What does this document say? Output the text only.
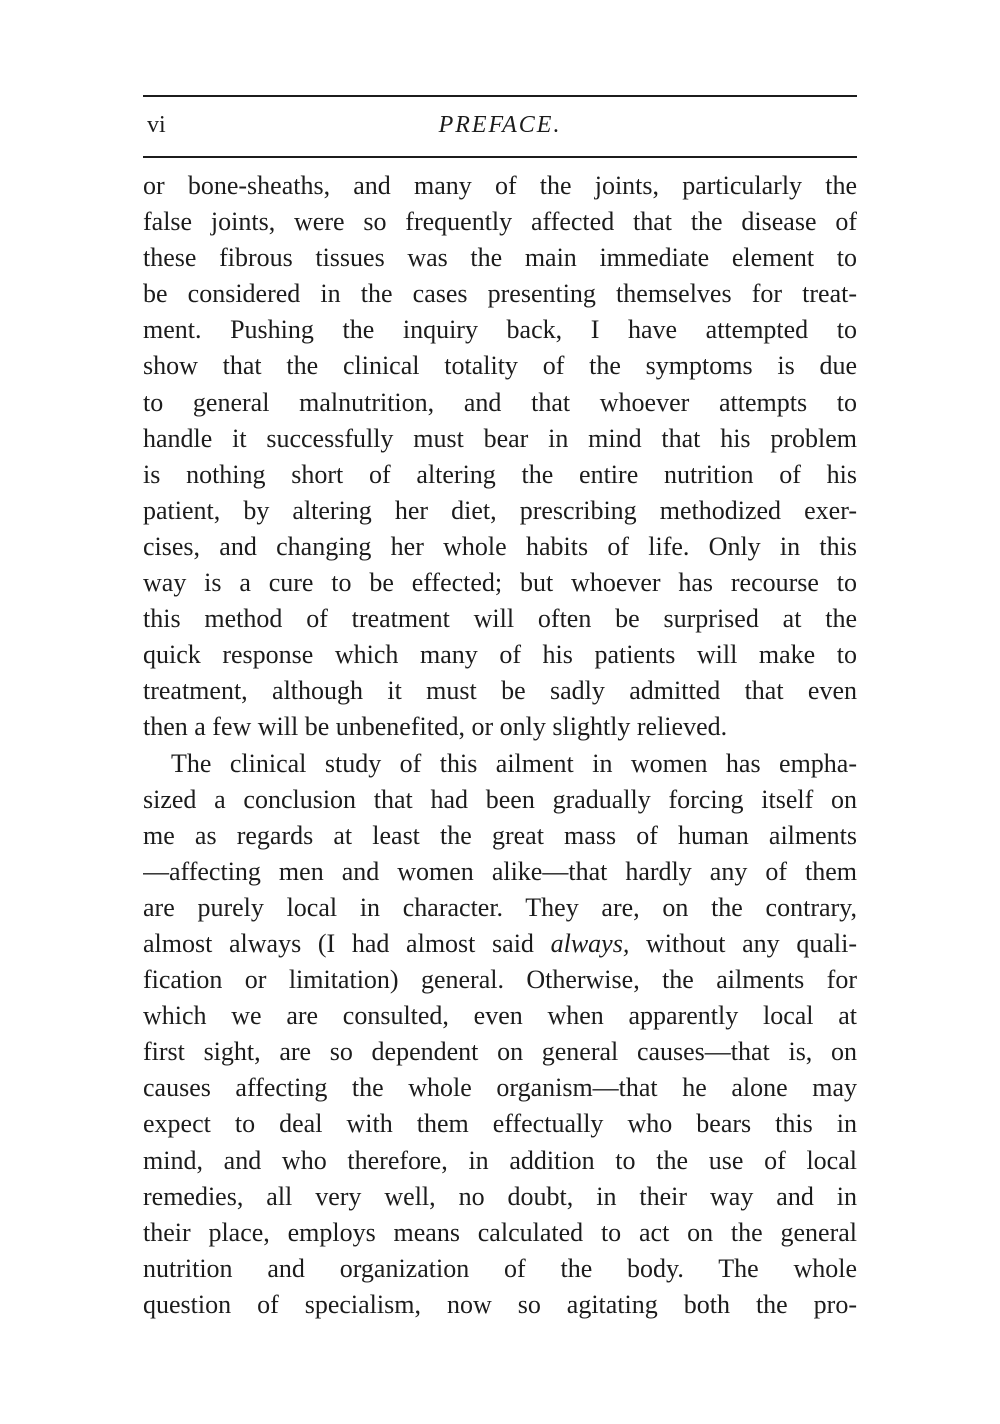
vi	PREFACE.
or bone-sheaths, and many of the joints, particularly the
false joints, were so frequently affected that the disease of
these fibrous tissues was the main immediate element to
be considered in the cases presenting themselves for treat-
ment. Pushing the inquiry back, I have attempted to
show that the clinical totality of the symptoms is due
to general malnutrition, and that whoever attempts to
handle it successfully must bear in mind that his problem
is nothing short of altering the entire nutrition of his
patient, by altering her diet, prescribing methodized exer-
cises, and changing her whole habits of life. Only in this
way is a cure to be effected; but whoever has recourse to
this method of treatment will often be surprised at the
quick response which many of his patients will make to
treatment, although it must be sadly admitted that even
then a few will be unbenefited, or only slightly relieved.
The clinical study of this ailment in women has empha-
sized a conclusion that had been gradually forcing itself on
me as regards at least the great mass of human ailments
—affecting men and women alike—that hardly any of them
are purely local in character. They are, on the contrary,
almost always (I had almost said always, without any quali-
fication or limitation) general. Otherwise, the ailments for
which we are consulted, even when apparently local at
first sight, are so dependent on general causes—that is, on
causes affecting the whole organism—that he alone may
expect to deal with them effectually who bears this in
mind, and who therefore, in addition to the use of local
remedies, all very well, no doubt, in their way and in
their place, employs means calculated to act on the general
nutrition and organization of the body. The whole
question of specialism, now so agitating both the pro-
